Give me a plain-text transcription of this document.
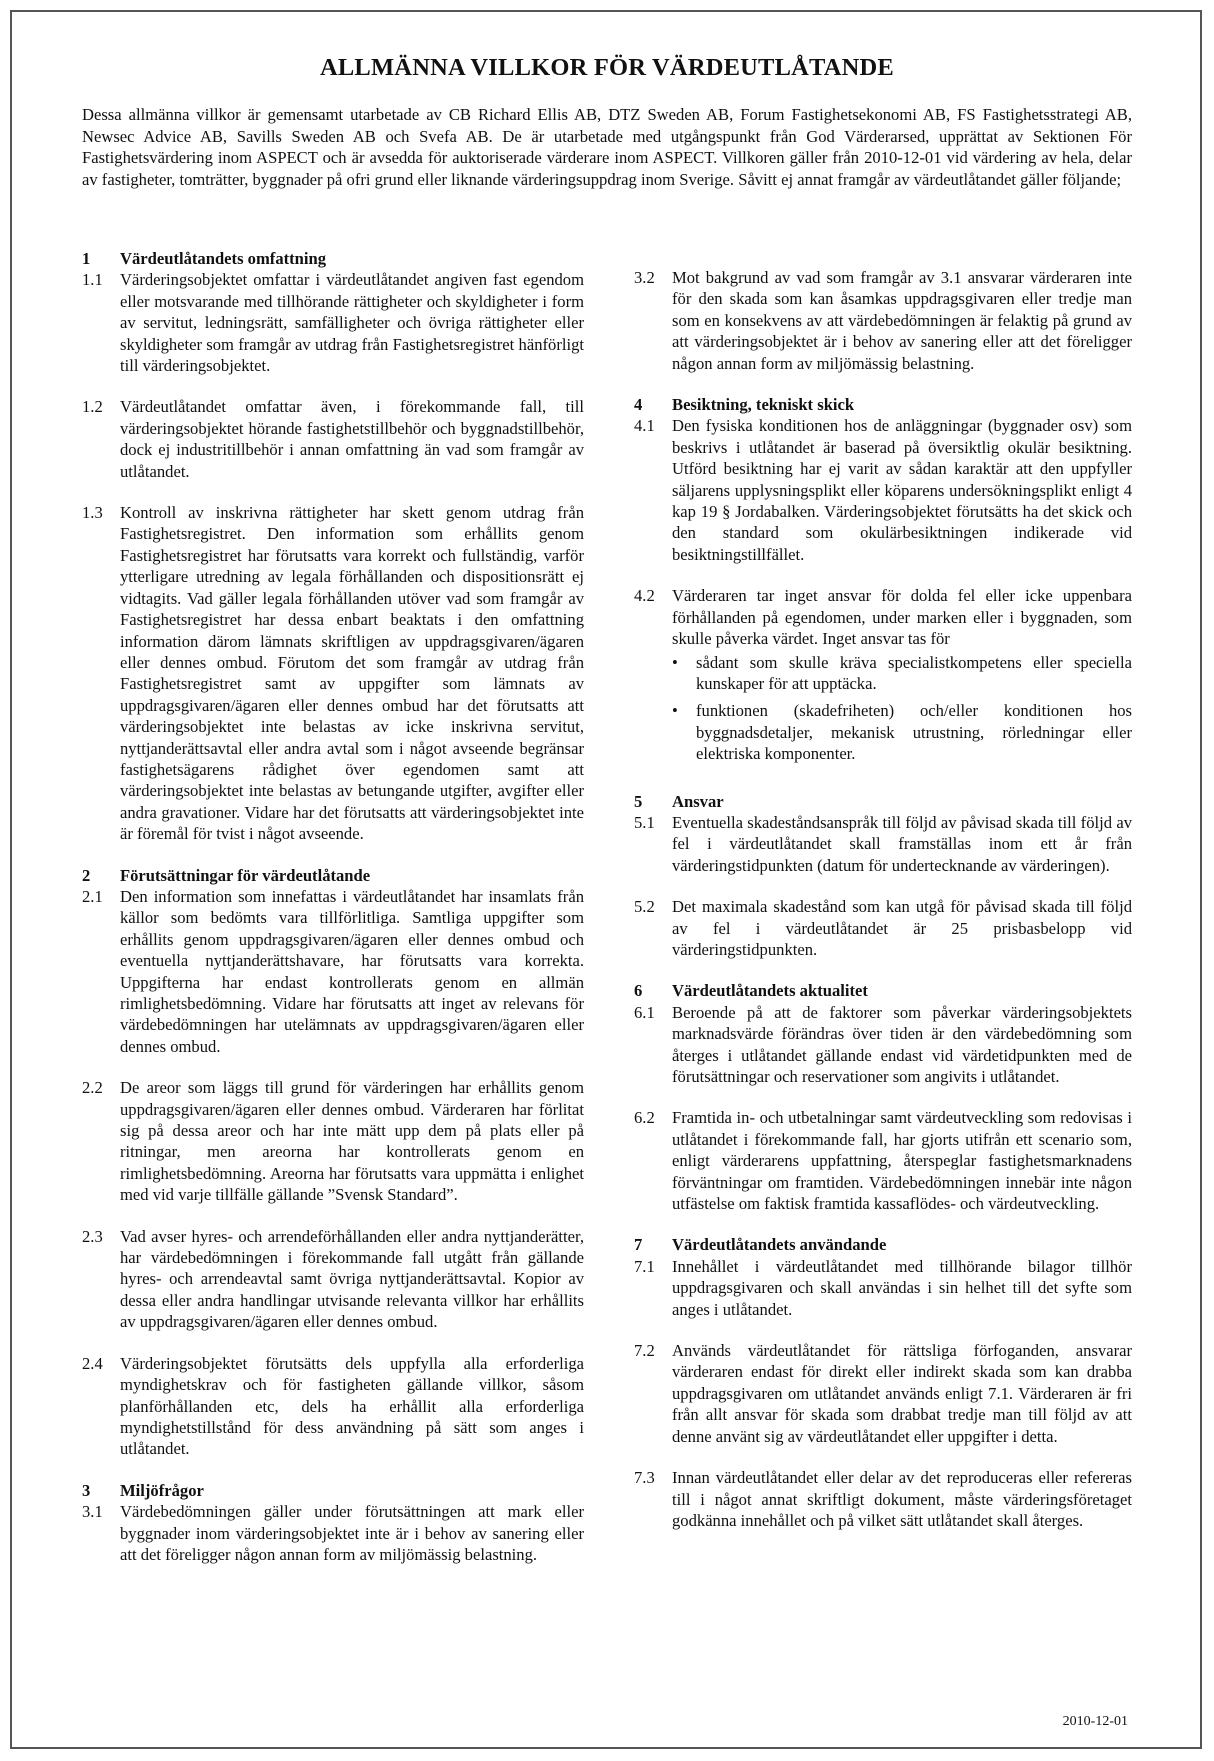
ALLMÄNNA VILLKOR FÖR VÄRDEUTLÅTANDE

Dessa allmänna villkor är gemensamt utarbetade av CB Richard Ellis AB, DTZ Sweden AB, Forum Fastighetsekonomi AB, FS Fastighetsstrategi AB, Newsec Advice AB, Savills Sweden AB och Svefa AB. De är utarbetade med utgångspunkt från God Värderarsed, upprättat av Sektionen För Fastighetsvärdering inom ASPECT och är avsedda för auktoriserade värderare inom ASPECT. Villkoren gäller från 2010-12-01 vid värdering av hela, delar av fastigheter, tomträtter, byggnader på ofri grund eller liknande värderingsuppdrag inom Sverige. Såvitt ej annat framgår av värdeutlåtandet gäller följande;

1	Värdeutlåtandets omfattning
1.1	Värderingsobjektet omfattar i värdeutlåtandet angiven fast egendom eller motsvarande med tillhörande rättigheter och skyldigheter i form av servitut, ledningsrätt, samfälligheter och övriga rättigheter eller skyldigheter som framgår av utdrag från Fastighetsregistret hänförligt till värderingsobjektet.
1.2	Värdeutlåtandet omfattar även, i förekommande fall, till värderingsobjektet hörande fastighetstillbehör och byggnadstillbehör, dock ej industritillbehör i annan omfattning än vad som framgår av utlåtandet.
1.3	Kontroll av inskrivna rättigheter har skett genom utdrag från Fastighetsregistret. Den information som erhållits genom Fastighetsregistret har förutsatts vara korrekt och fullständig, varför ytterligare utredning av legala förhållanden och dispositionsrätt ej vidtagits. Vad gäller legala förhållanden utöver vad som framgår av Fastighetsregistret har dessa enbart beaktats i den omfattning information därom lämnats skriftligen av uppdragsgivaren/ägaren eller dennes ombud. Förutom det som framgår av utdrag från Fastighetsregistret samt av uppgifter som lämnats av uppdragsgivaren/ägaren eller dennes ombud har det förutsatts att värderingsobjektet inte belastas av icke inskrivna servitut, nyttjanderättsavtal eller andra avtal som i något avseende begränsar fastighetsägarens rådighet över egendomen samt att värderingsobjektet inte belastas av betungande utgifter, avgifter eller andra gravationer. Vidare har det förutsatts att värderingsobjektet inte är föremål för tvist i något avseende.
2	Förutsättningar för värdeutlåtande
2.1	Den information som innefattas i värdeutlåtandet har insamlats från källor som bedömts vara tillförlitliga. Samtliga uppgifter som erhållits genom uppdragsgivaren/ägaren eller dennes ombud och eventuella nyttjanderättshavare, har förutsatts vara korrekta. Uppgifterna har endast kontrollerats genom en allmän rimlighetsbedömning. Vidare har förutsatts att inget av relevans för värdebedömningen har utelämnats av uppdragsgivaren/ägaren eller dennes ombud.
2.2	De areor som läggs till grund för värderingen har erhållits genom uppdragsgivaren/ägaren eller dennes ombud. Värderaren har förlitat sig på dessa areor och har inte mätt upp dem på plats eller på ritningar, men areorna har kontrollerats genom en rimlighetsbedömning. Areorna har förutsatts vara uppmätta i enlighet med vid varje tillfälle gällande ”Svensk Standard”.
2.3	Vad avser hyres- och arrendeförhållanden eller andra nyttjanderätter, har värdebedömningen i förekommande fall utgått från gällande hyres- och arrendeavtal samt övriga nyttjanderättsavtal. Kopior av dessa eller andra handlingar utvisande relevanta villkor har erhållits av uppdragsgivaren/ägaren eller dennes ombud.
2.4	Värderingsobjektet förutsätts dels uppfylla alla erforderliga myndighetskrav och för fastigheten gällande villkor, såsom planförhållanden etc, dels ha erhållit alla erforderliga myndighetstillstånd för dess användning på sätt som anges i utlåtandet.
3	Miljöfrågor
3.1	Värdebedömningen gäller under förutsättningen att mark eller byggnader inom värderingsobjektet inte är i behov av sanering eller att det föreligger någon annan form av miljömässig belastning.
3.2	Mot bakgrund av vad som framgår av 3.1 ansvarar värderaren inte för den skada som kan åsamkas uppdragsgivaren eller tredje man som en konsekvens av att värdebedömningen är felaktig på grund av att värderingsobjektet är i behov av sanering eller att det föreligger någon annan form av miljömässig belastning.
4	Besiktning, tekniskt skick
4.1	Den fysiska konditionen hos de anläggningar (byggnader osv) som beskrivs i utlåtandet är baserad på översiktlig okulär besiktning. Utförd besiktning har ej varit av sådan karaktär att den uppfyller säljarens upplysningsplikt eller köparens undersökningsplikt enligt 4 kap 19 § Jordabalken. Värderingsobjektet förutsätts ha det skick och den standard som okulärbesiktningen indikerade vid besiktningstillfället.
4.2	Värderaren tar inget ansvar för dolda fel eller icke uppenbara förhållanden på egendomen, under marken eller i byggnaden, som skulle påverka värdet. Inget ansvar tas för
•	sådant som skulle kräva specialistkompetens eller speciella kunskaper för att upptäcka.
•	funktionen (skadefriheten) och/eller konditionen hos byggnadsdetaljer, mekanisk utrustning, rörledningar eller elektriska komponenter.
5	Ansvar
5.1	Eventuella skadeståndsanspråk till följd av påvisad skada till följd av fel i värdeutlåtandet skall framställas inom ett år från värderingstidpunkten (datum för undertecknande av värderingen).
5.2	Det maximala skadestånd som kan utgå för påvisad skada till följd av fel i värdeutlåtandet är 25 prisbasbelopp vid värderingstidpunkten.
6	Värdeutlåtandets aktualitet
6.1	Beroende på att de faktorer som påverkar värderingsobjektets marknadsvärde förändras över tiden är den värdebedömning som återges i utlåtandet gällande endast vid värdetidpunkten med de förutsättningar och reservationer som angivits i utlåtandet.
6.2	Framtida in- och utbetalningar samt värdeutveckling som redovisas i utlåtandet i förekommande fall, har gjorts utifrån ett scenario som, enligt värderarens uppfattning, återspeglar fastighetsmarknadens förväntningar om framtiden. Värdebedömningen innebär inte någon utfästelse om faktisk framtida kassaflödes- och värdeutveckling.
7	Värdeutlåtandets användande
7.1	Innehållet i värdeutlåtandet med tillhörande bilagor tillhör uppdragsgivaren och skall användas i sin helhet till det syfte som anges i utlåtandet.
7.2	Används värdeutlåtandet för rättsliga förfoganden, ansvarar värderaren endast för direkt eller indirekt skada som kan drabba uppdragsgivaren om utlåtandet används enligt 7.1. Värderaren är fri från allt ansvar för skada som drabbat tredje man till följd av att denne använt sig av värdeutlåtandet eller uppgifter i detta.
7.3	Innan värdeutlåtandet eller delar av det reproduceras eller refereras till i något annat skriftligt dokument, måste värderingsföretaget godkänna innehållet och på vilket sätt utlåtandet skall återges.
2010-12-01
